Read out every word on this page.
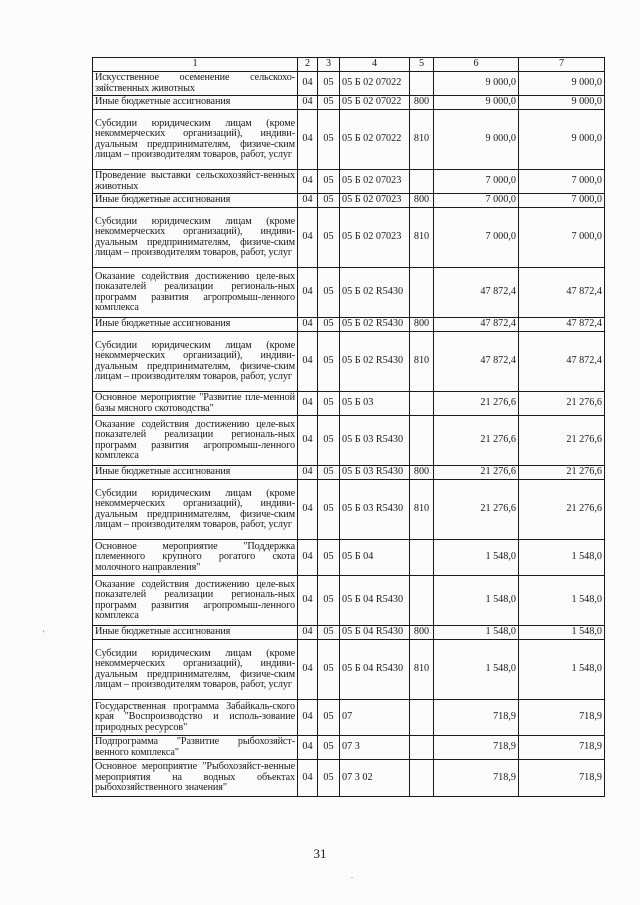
1	2	3	4	5	6	7
Искусственное осеменение сельскохо-зяйственных животных	04	05	05 Б 02 07022		9 000,0	9 000,0
Иные бюджетные ассигнования	04	05	05 Б 02 07022	800	9 000,0	9 000,0
Субсидии юридическим лицам (кроме некоммерческих организаций), индиви-дуальным предпринимателям, физиче-ским лицам – производителям товаров, работ, услуг	04	05	05 Б 02 07022	810	9 000,0	9 000,0
Проведение выставки сельскохозяйст-венных животных	04	05	05 Б 02 07023		7 000,0	7 000,0
Иные бюджетные ассигнования	04	05	05 Б 02 07023	800	7 000,0	7 000,0
Субсидии юридическим лицам (кроме некоммерческих организаций), индиви-дуальным предпринимателям, физиче-ским лицам – производителям товаров, работ, услуг	04	05	05 Б 02 07023	810	7 000,0	7 000,0
Оказание содействия достижению целе-вых показателей реализации региональ-ных программ развития агропромыш-ленного комплекса	04	05	05 Б 02 R5430		47 872,4	47 872,4
Иные бюджетные ассигнования	04	05	05 Б 02 R5430	800	47 872,4	47 872,4
Субсидии юридическим лицам (кроме некоммерческих организаций), индиви-дуальным предпринимателям, физиче-ским лицам – производителям товаров, работ, услуг	04	05	05 Б 02 R5430	810	47 872,4	47 872,4
Основное мероприятие "Развитие пле-менной базы мясного скотоводства"	04	05	05 Б 03		21 276,6	21 276,6
Оказание содействия достижению целе-вых показателей реализации региональ-ных программ развития агропромыш-ленного комплекса	04	05	05 Б 03 R5430		21 276,6	21 276,6
Иные бюджетные ассигнования	04	05	05 Б 03 R5430	800	21 276,6	21 276,6
Субсидии юридическим лицам (кроме некоммерческих организаций), индиви-дуальным предпринимателям, физиче-ским лицам – производителям товаров, работ, услуг	04	05	05 Б 03 R5430	810	21 276,6	21 276,6
Основное мероприятие "Поддержка племенного крупного рогатого скота молочного направления"	04	05	05 Б 04		1 548,0	1 548,0
Оказание содействия достижению целе-вых показателей реализации региональ-ных программ развития агропромыш-ленного комплекса	04	05	05 Б 04 R5430		1 548,0	1 548,0
Иные бюджетные ассигнования	04	05	05 Б 04 R5430	800	1 548,0	1 548,0
Субсидии юридическим лицам (кроме некоммерческих организаций), индиви-дуальным предпринимателям, физиче-ским лицам – производителям товаров, работ, услуг	04	05	05 Б 04 R5430	810	1 548,0	1 548,0
Государственная программа Забайкаль-ского края "Воспроизводство и исполь-зование природных ресурсов"	04	05	07		718,9	718,9
Подпрограмма "Развитие рыбохозяйст-венного комплекса"	04	05	07 3		718,9	718,9
Основное мероприятие "Рыбохозяйст-венные мероприятия на водных объектах рыбохозяйственного значения"	04	05	07 3 02		718,9	718,9
31
.
'
